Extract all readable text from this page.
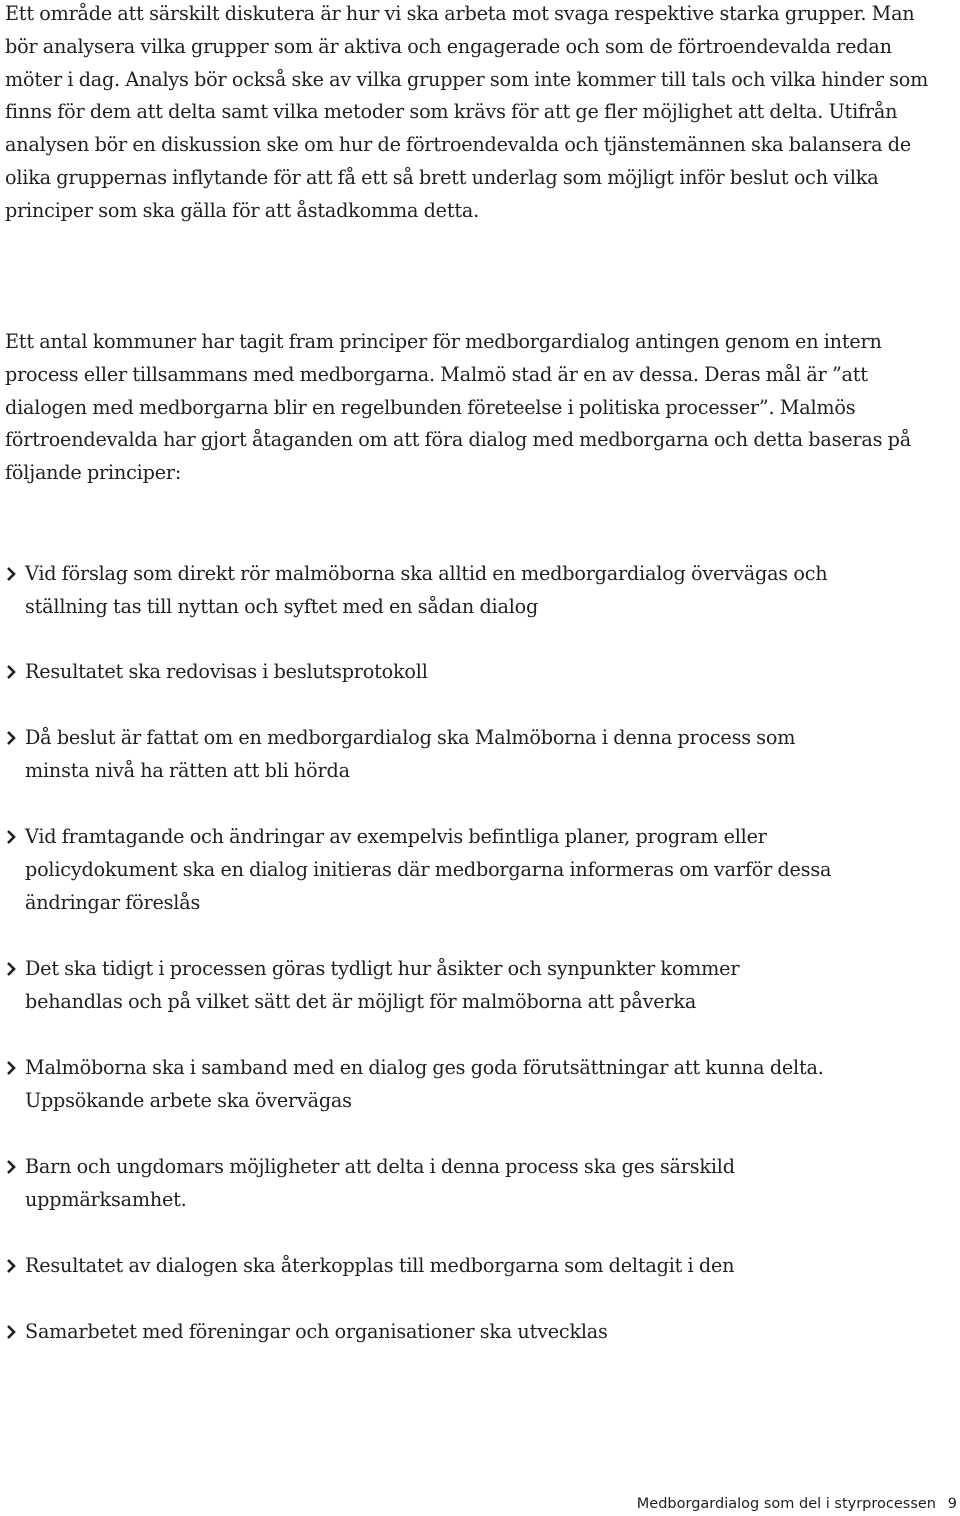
Ett område att särskilt diskutera är hur vi ska arbeta mot svaga respektive starka grupper. Man bör analysera vilka grupper som är aktiva och engagerade och som de förtroendevalda redan möter i dag. Analys bör också ske av vilka grupper som inte kommer till tals och vilka hinder som finns för dem att delta samt vilka metoder som krävs för att ge fler möjlighet att delta. Utifrån analysen bör en diskussion ske om hur de förtroendevalda och tjänstemännen ska balansera de olika gruppernas inflytande för att få ett så brett underlag som möjligt inför beslut och vilka principer som ska gälla för att åstadkomma detta.

Ett antal kommuner har tagit fram principer för medborgardialog antingen genom en intern process eller tillsammans med medborgarna. Malmö stad är en av dessa. Deras mål är ”att dialogen med medborgarna blir en regelbunden företeelse i politiska processer”. Malmös förtroendevalda har gjort åtaganden om att föra dialog med medborgarna och detta baseras på följande principer:

Vid förslag som direkt rör malmöborna ska alltid en medborgardialog övervägas och ställning tas till nyttan och syftet med en sådan dialog

Resultatet ska redovisas i beslutsprotokoll

Då beslut är fattat om en medborgardialog ska Malmöborna i denna process som minsta nivå ha rätten att bli hörda

Vid framtagande och ändringar av exempelvis befintliga planer, program eller policydokument ska en dialog initieras där medborgarna informeras om varför dessa ändringar föreslås

Det ska tidigt i processen göras tydligt hur åsikter och synpunkter kommer behandlas och på vilket sätt det är möjligt för malmöborna att påverka

Malmöborna ska i samband med en dialog ges goda förutsättningar att kunna delta. Uppsökande arbete ska övervägas

Barn och ungdomars möjligheter att delta i denna process ska ges särskild uppmärksamhet.

Resultatet av dialogen ska återkopplas till medborgarna som deltagit i den

Samarbetet med föreningar och organisationer ska utvecklas

Medborgardialog som del i styrprocessen 9
